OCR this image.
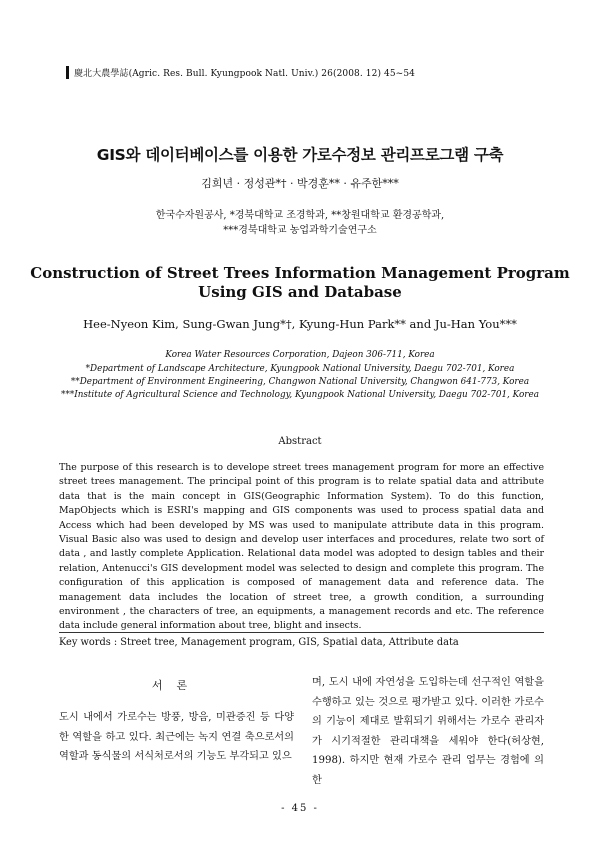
慶北大農學誌(Agric. Res. Bull. Kyungpook Natl. Univ.) 26(2008. 12) 45~54
GIS와 데이터베이스를 이용한 가로수정보 관리프로그램 구축
김희년 · 정성관*† · 박경훈** · 유주한***
한국수자원공사, *경북대학교 조경학과, **창원대학교 환경공학과,
***경북대학교 농업과학기술연구소
Construction of Street Trees Information Management Program
Using GIS and Database
Hee-Nyeon Kim, Sung-Gwan Jung*†, Kyung-Hun Park** and Ju-Han You***
Korea Water Resources Corporation, Dajeon 306-711, Korea
*Department of Landscape Architecture, Kyungpook National University, Daegu 702-701, Korea
**Department of Environment Engineering, Changwon National University, Changwon 641-773, Korea
***Institute of Agricultural Science and Technology, Kyungpook National University, Daegu 702-701, Korea
Abstract
The purpose of this research is to develope street trees management program for more an effective street trees management. The principal point of this program is to relate spatial data and attribute data that is the main concept in GIS(Geographic Information System). To do this function, MapObjects which is ESRI's mapping and GIS components was used to process spatial data and Access which had been developed by MS was used to manipulate attribute data in this program. Visual Basic also was used to design and develop user interfaces and procedures, relate two sort of data , and lastly complete Application. Relational data model was adopted to design tables and their relation, Antenucci's GIS development model was selected to design and complete this program. The configuration of this application is composed of management data and reference data. The management data includes the location of street tree, a growth condition, a surrounding environment , the characters of tree, an equipments, a management records and etc. The reference data include general information about tree, blight and insects.
Key words : Street tree, Management program, GIS, Spatial data, Attribute data
서론
도시 내에서 가로수는 방풍, 방음, 미관증진 등 다양한 역할을 하고 있다. 최근에는 녹지 연결 축으로서의 역할과 동식물의 서식처로서의 기능도 부각되고 있으
며, 도시 내에 자연성을 도입하는데 선구적인 역할을 수행하고 있는 것으로 평가받고 있다. 이러한 가로수의 기능이 제대로 발휘되기 위해서는 가로수 관리자가 시기적절한 관리대책을 세워야 한다(허상현, 1998). 하지만 현재 가로수 관리 업무는 경험에 의한
- 45 -
